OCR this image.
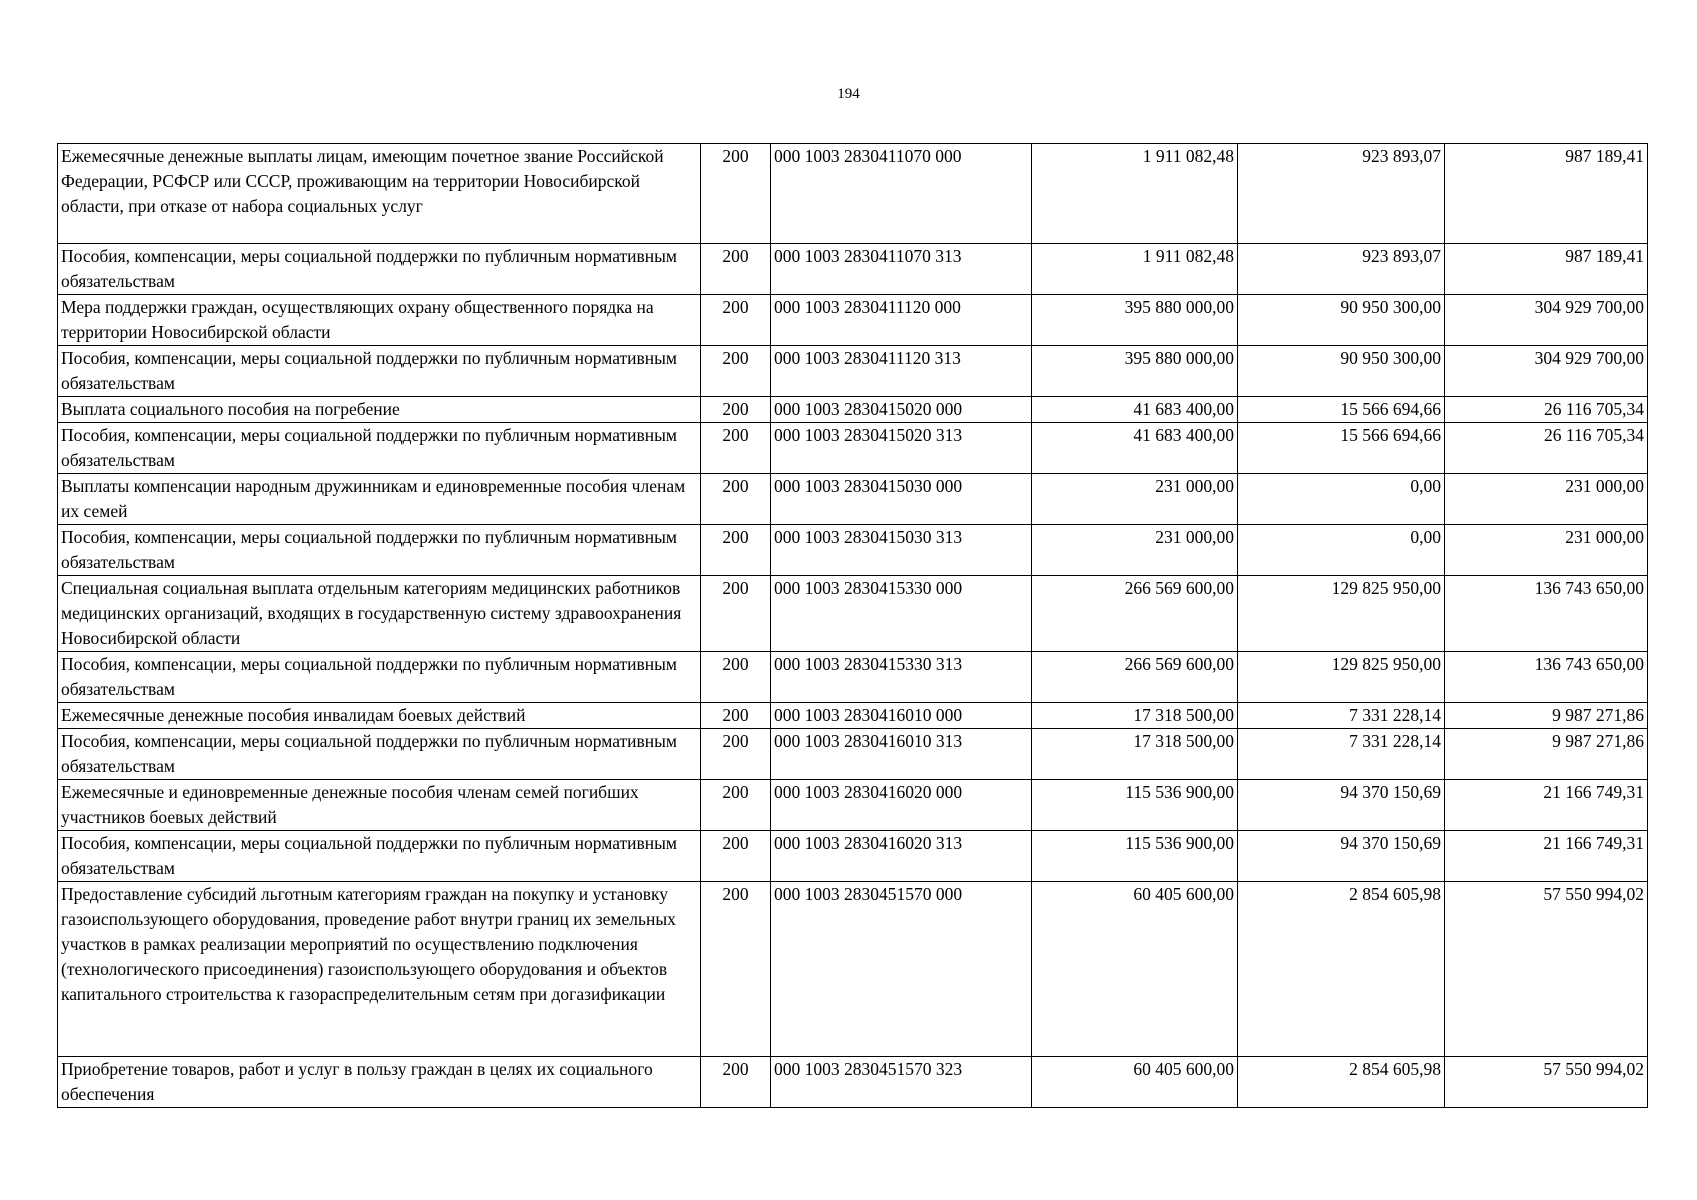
194
Ежемесячные денежные выплаты лицам, имеющим почетное звание Российской Федерации, РСФСР или СССР, проживающим на территории Новосибирской области, при отказе от набора социальных услуг	200	000 1003 2830411070 000	1 911 082,48	923 893,07	987 189,41
Пособия, компенсации, меры социальной поддержки по публичным нормативным обязательствам	200	000 1003 2830411070 313	1 911 082,48	923 893,07	987 189,41
Мера поддержки граждан, осуществляющих охрану общественного порядка на территории Новосибирской области	200	000 1003 2830411120 000	395 880 000,00	90 950 300,00	304 929 700,00
Пособия, компенсации, меры социальной поддержки по публичным нормативным обязательствам	200	000 1003 2830411120 313	395 880 000,00	90 950 300,00	304 929 700,00
Выплата социального пособия на погребение	200	000 1003 2830415020 000	41 683 400,00	15 566 694,66	26 116 705,34
Пособия, компенсации, меры социальной поддержки по публичным нормативным обязательствам	200	000 1003 2830415020 313	41 683 400,00	15 566 694,66	26 116 705,34
Выплаты компенсации народным дружинникам и единовременные пособия членам их семей	200	000 1003 2830415030 000	231 000,00	0,00	231 000,00
Пособия, компенсации, меры социальной поддержки по публичным нормативным обязательствам	200	000 1003 2830415030 313	231 000,00	0,00	231 000,00
Специальная социальная выплата отдельным категориям медицинских работников медицинских организаций, входящих в государственную систему здравоохранения Новосибирской области	200	000 1003 2830415330 000	266 569 600,00	129 825 950,00	136 743 650,00
Пособия, компенсации, меры социальной поддержки по публичным нормативным обязательствам	200	000 1003 2830415330 313	266 569 600,00	129 825 950,00	136 743 650,00
Ежемесячные денежные пособия инвалидам боевых действий	200	000 1003 2830416010 000	17 318 500,00	7 331 228,14	9 987 271,86
Пособия, компенсации, меры социальной поддержки по публичным нормативным обязательствам	200	000 1003 2830416010 313	17 318 500,00	7 331 228,14	9 987 271,86
Ежемесячные и единовременные денежные пособия членам семей погибших участников боевых действий	200	000 1003 2830416020 000	115 536 900,00	94 370 150,69	21 166 749,31
Пособия, компенсации, меры социальной поддержки по публичным нормативным обязательствам	200	000 1003 2830416020 313	115 536 900,00	94 370 150,69	21 166 749,31
Предоставление субсидий льготным категориям граждан на покупку и установку газоиспользующего оборудования, проведение работ внутри границ их земельных участков в рамках реализации мероприятий по осуществлению подключения (технологического присоединения) газоиспользующего оборудования и объектов капитального строительства к газораспределительным сетям при догазификации	200	000 1003 2830451570 000	60 405 600,00	2 854 605,98	57 550 994,02
Приобретение товаров, работ и услуг в пользу граждан в целях их социального обеспечения	200	000 1003 2830451570 323	60 405 600,00	2 854 605,98	57 550 994,02
